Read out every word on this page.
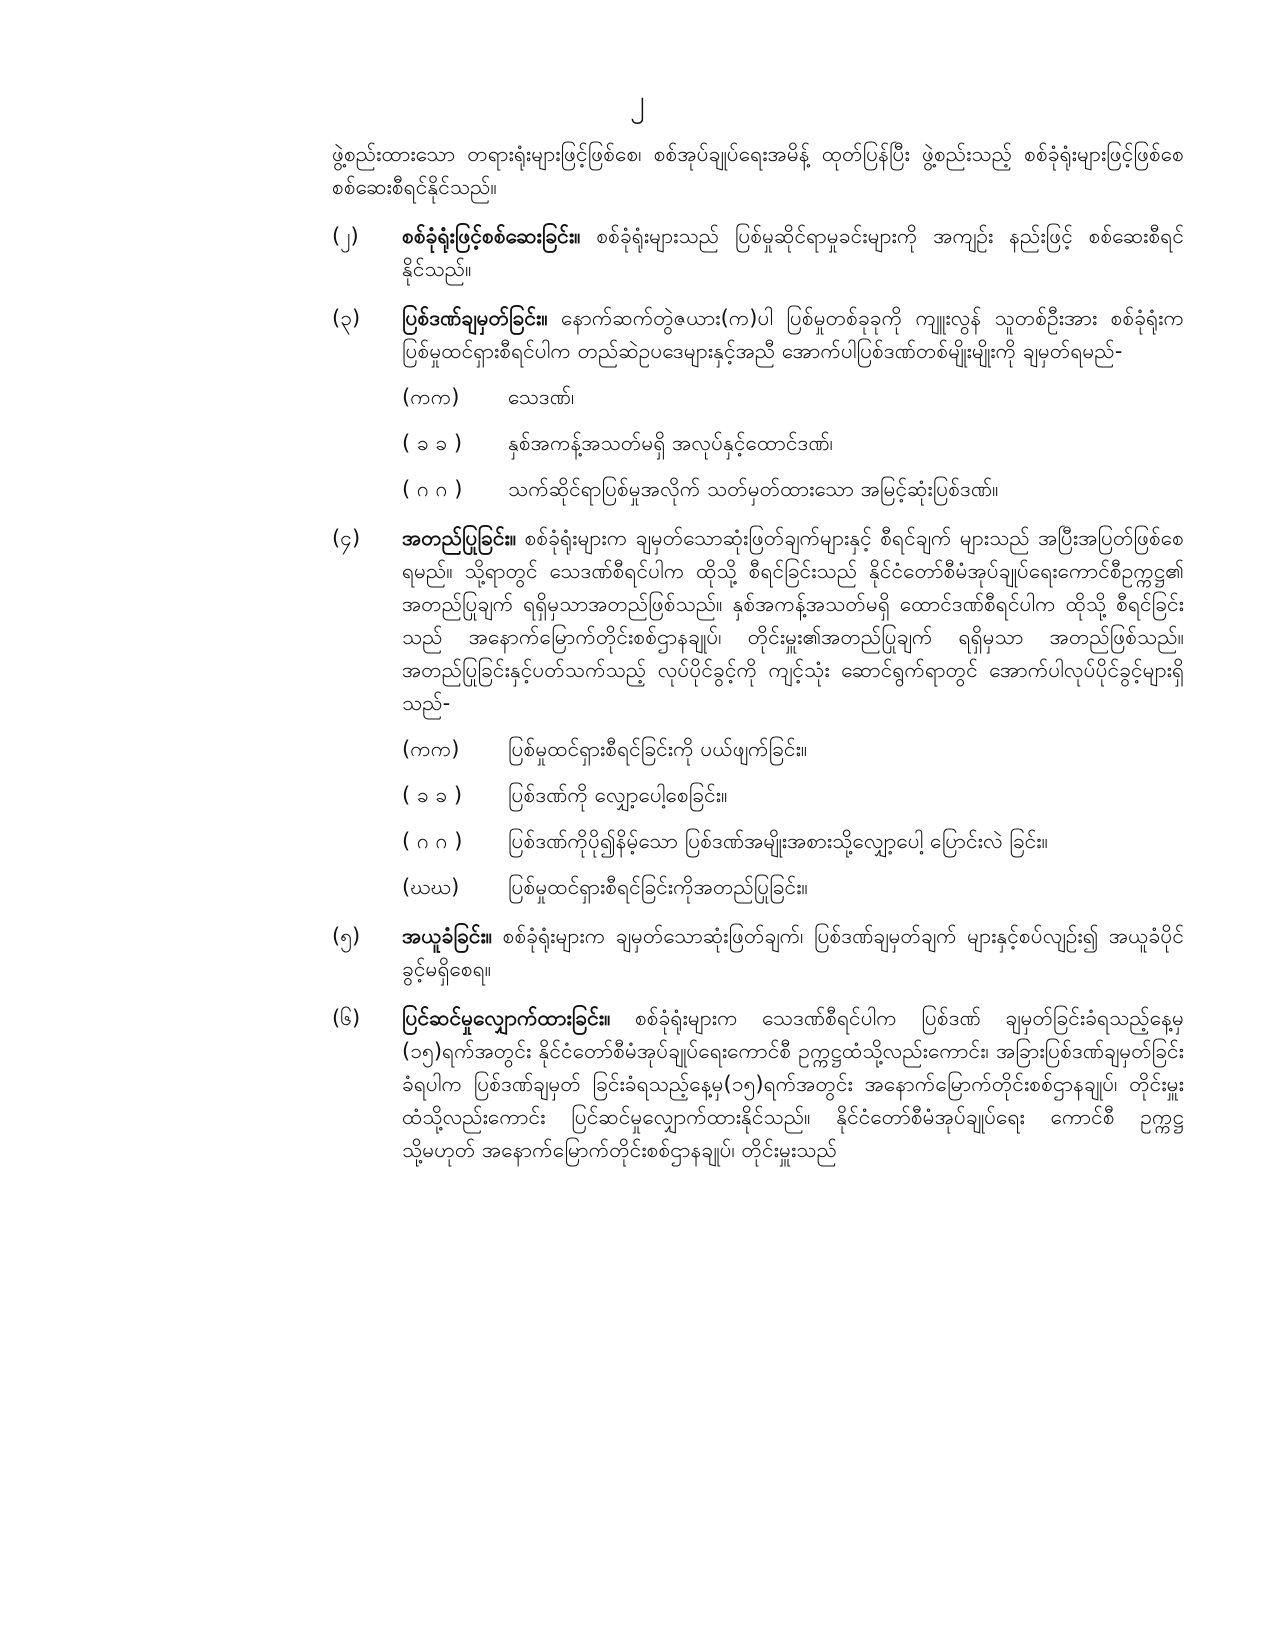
၂

ဖွဲ့စည်းထားသော တရားရုံးများဖြင့်ဖြစ်စေ၊ စစ်အုပ်ချုပ်ရေးအမိန့် ထုတ်ပြန်ပြီး ဖွဲ့စည်းသည့် စစ်ခုံရုံးများဖြင့်ဖြစ်စေ စစ်ဆေးစီရင်နိုင်သည်။

(၂) စစ်ခုံရုံးဖြင့်စစ်ဆေးခြင်း။ စစ်ခုံရုံးများသည် ပြစ်မှုဆိုင်ရာမှုခင်းများကို အကျဉ်း နည်းဖြင့် စစ်ဆေးစီရင်နိုင်သည်။
(၃) ပြစ်ဒဏ်ချမှတ်ခြင်း။ နောက်ဆက်တွဲဇယား(က)ပါ ပြစ်မှုတစ်ခုခုကို ကျူးလွန် သူတစ်ဦးအား စစ်ခုံရုံးကပြစ်မှုထင်ရှားစီရင်ပါက တည်ဆဲဥပဒေများနှင့်အညီ အောက်ပါပြစ်ဒဏ်တစ်မျိုးမျိုးကို ချမှတ်ရမည်-
(ကက) သေဒဏ်၊
( ခ ခ ) နှစ်အကန့်အသတ်မရှိ အလုပ်နှင့်ထောင်ဒဏ်၊
( ဂ ဂ ) သက်ဆိုင်ရာပြစ်မှုအလိုက် သတ်မှတ်ထားသော အမြင့်ဆုံးပြစ်ဒဏ်။
(၄) အတည်ပြုခြင်း။ စစ်ခုံရုံးများက ချမှတ်သောဆုံးဖြတ်ချက်များနှင့် စီရင်ချက် များသည် အပြီးအပြတ်ဖြစ်စေရမည်။ သို့ရာတွင် သေဒဏ်စီရင်ပါက ထိုသို့ စီရင်ခြင်းသည် နိုင်ငံတော်စီမံအုပ်ချုပ်ရေးကောင်စီဥက္ကဋ္ဌ၏ အတည်ပြုချက် ရရှိမှသာအတည်ဖြစ်သည်။ နှစ်အကန့်အသတ်မရှိ ထောင်ဒဏ်စီရင်ပါက ထိုသို့ စီရင်ခြင်းသည် အနောက်မြောက်တိုင်းစစ်ဌာနချုပ်၊ တိုင်းမှူး၏အတည်ပြုချက် ရရှိမှသာ အတည်ဖြစ်သည်။ အတည်ပြုခြင်းနှင့်ပတ်သက်သည့် လုပ်ပိုင်ခွင့်ကို ကျင့်သုံး ဆောင်ရွက်ရာတွင် အောက်ပါလုပ်ပိုင်ခွင့်များရှိသည်-
(ကက) ပြစ်မှုထင်ရှားစီရင်ခြင်းကို ပယ်ဖျက်ခြင်း။
( ခ ခ ) ပြစ်ဒဏ်ကို လျှော့ပေါ့စေခြင်း။
( ဂ ဂ ) ပြစ်ဒဏ်ကိုပို၍နိမ့်သော ပြစ်ဒဏ်အမျိုးအစားသို့လျှော့ပေါ့ ပြောင်းလဲ ခြင်း။
(ဃဃ) ပြစ်မှုထင်ရှားစီရင်ခြင်းကိုအတည်ပြုခြင်း။
(၅) အယူခံခြင်း။ စစ်ခုံရုံးများက ချမှတ်သောဆုံးဖြတ်ချက်၊ ပြစ်ဒဏ်ချမှတ်ချက် များနှင့်စပ်လျဉ်း၍ အယူခံပိုင်ခွင့်မရှိစေရ။
(၆) ပြင်ဆင်မှုလျှောက်ထားခြင်း။ စစ်ခုံရုံးများက သေဒဏ်စီရင်ပါက ပြစ်ဒဏ် ချမှတ်ခြင်းခံရသည့်နေ့မှ (၁၅)ရက်အတွင်း နိုင်ငံတော်စီမံအုပ်ချုပ်ရေးကောင်စီ ဥက္ကဋ္ဌထံသို့လည်းကောင်း၊ အခြားပြစ်ဒဏ်ချမှတ်ခြင်းခံရပါက ပြစ်ဒဏ်ချမှတ် ခြင်းခံရသည့်နေ့မှ(၁၅)ရက်အတွင်း အနောက်မြောက်တိုင်းစစ်ဌာနချုပ်၊ တိုင်းမှူး ထံသို့လည်းကောင်း ပြင်ဆင်မှုလျှောက်ထားနိုင်သည်။ နိုင်ငံတော်စီမံအုပ်ချုပ်ရေး ကောင်စီ ဥက္ကဋ္ဌ သို့မဟုတ် အနောက်မြောက်တိုင်းစစ်ဌာနချုပ်၊ တိုင်းမှူးသည်
